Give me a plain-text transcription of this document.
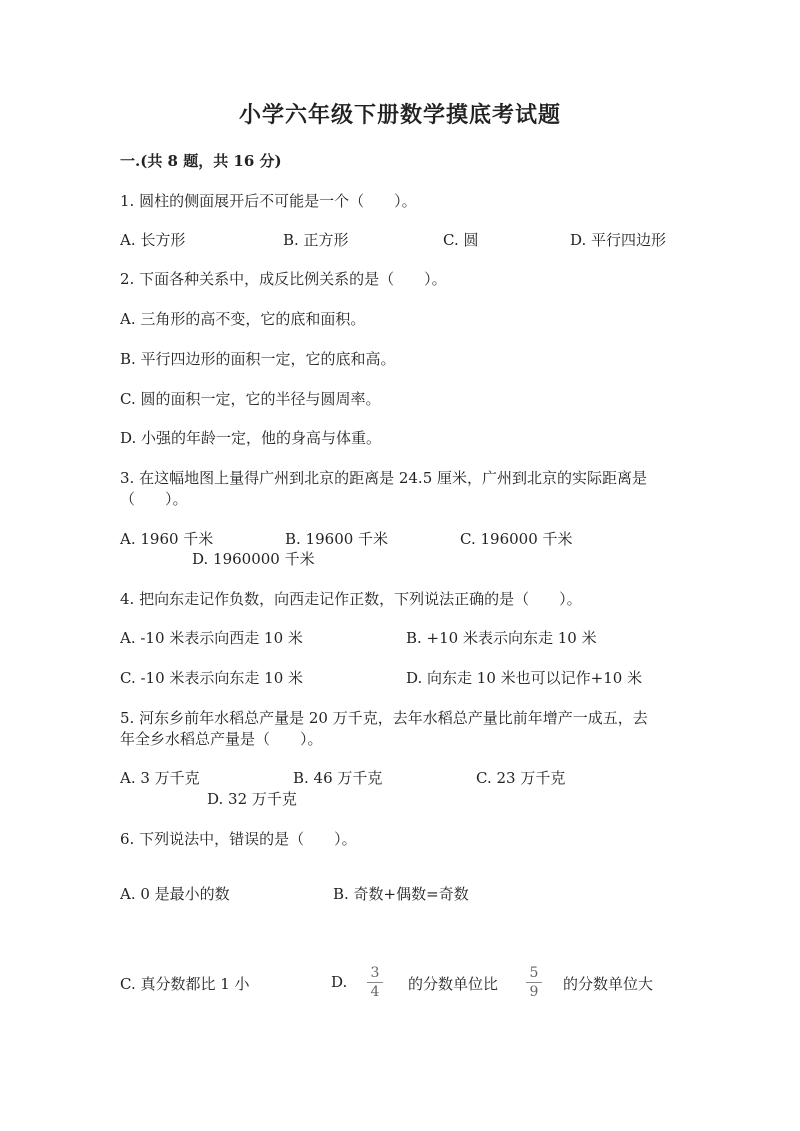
小学六年级下册数学摸底考试题
一.(共 8 题，共 16 分)
1. 圆柱的侧面展开后不可能是一个（　　）。
A. 长方形	B. 正方形	C. 圆	D. 平行四边形
2. 下面各种关系中，成反比例关系的是（　　）。
A. 三角形的高不变，它的底和面积。
B. 平行四边形的面积一定，它的底和高。
C. 圆的面积一定，它的半径与圆周率。
D. 小强的年龄一定，他的身高与体重。
3. 在这幅地图上量得广州到北京的距离是 24.5 厘米，广州到北京的实际距离是
（　　）。
A. 1960 千米	B. 19600 千米	C. 196000 千米
D. 1960000 千米
4. 把向东走记作负数，向西走记作正数，下列说法正确的是（　　）。
A. -10 米表示向西走 10 米	B. +10 米表示向东走 10 米
C. -10 米表示向东走 10 米	D. 向东走 10 米也可以记作+10 米
5. 河东乡前年水稻总产量是 20 万千克，去年水稻总产量比前年增产一成五，去
年全乡水稻总产量是（　　）。
A. 3 万千克	B. 46 万千克	C. 23 万千克
D. 32 万千克
6. 下列说法中，错误的是（　　）。
A. 0 是最小的数	B. 奇数+偶数=奇数
C. 真分数都比 1 小	D.	3
4	的分数单位比
5
9	的分数单位大
